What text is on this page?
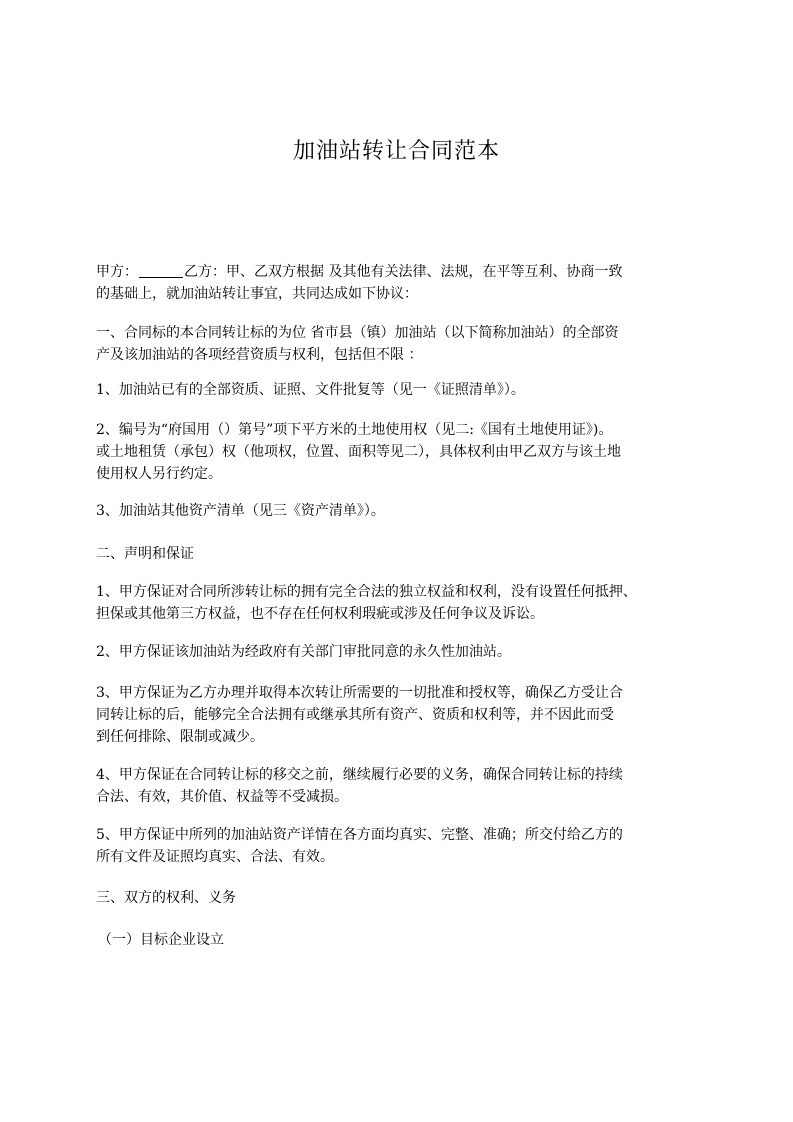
加油站转让合同范本
甲方：	乙方：甲、乙双方根据 及其他有关法律、法规，在平等互利、协商一致
的基础上，就加油站转让事宜，共同达成如下协议：
一、合同标的本合同转让标的为位 省市县（镇）加油站（以下简称加油站）的全部资
产及该加油站的各项经营资质与权利，包括但不限 ：
1、加油站已有的全部资质、证照、文件批复等（见一《证照清单》）。
2、编号为“府国用（）第号”项下平方米的土地使用权（见二:《国有土地使用证》)。
或土地租赁（承包）权（他项权，位置、面积等见二），具体权利由甲乙双方与该土地
使用权人另行约定。
3、加油站其他资产清单（见三《资产清单》）。
二、声明和保证
1、甲方保证对合同所涉转让标的拥有完全合法的独立权益和权利，没有设置任何抵押、
担保或其他第三方权益，也不存在任何权利瑕疵或涉及任何争议及诉讼。
2、甲方保证该加油站为经政府有关部门审批同意的永久性加油站。
3、甲方保证为乙方办理并取得本次转让所需要的一切批准和授权等，确保乙方受让合
同转让标的后，能够完全合法拥有或继承其所有资产、资质和权利等，并不因此而受
到任何排除、限制或减少。
4、甲方保证在合同转让标的移交之前，继续履行必要的义务，确保合同转让标的持续
合法、有效，其价值、权益等不受减损。
5、甲方保证中所列的加油站资产详情在各方面均真实、完整、准确；所交付给乙方的
所有文件及证照均真实、合法、有效。
三、双方的权利、义务
（一）目标企业设立
